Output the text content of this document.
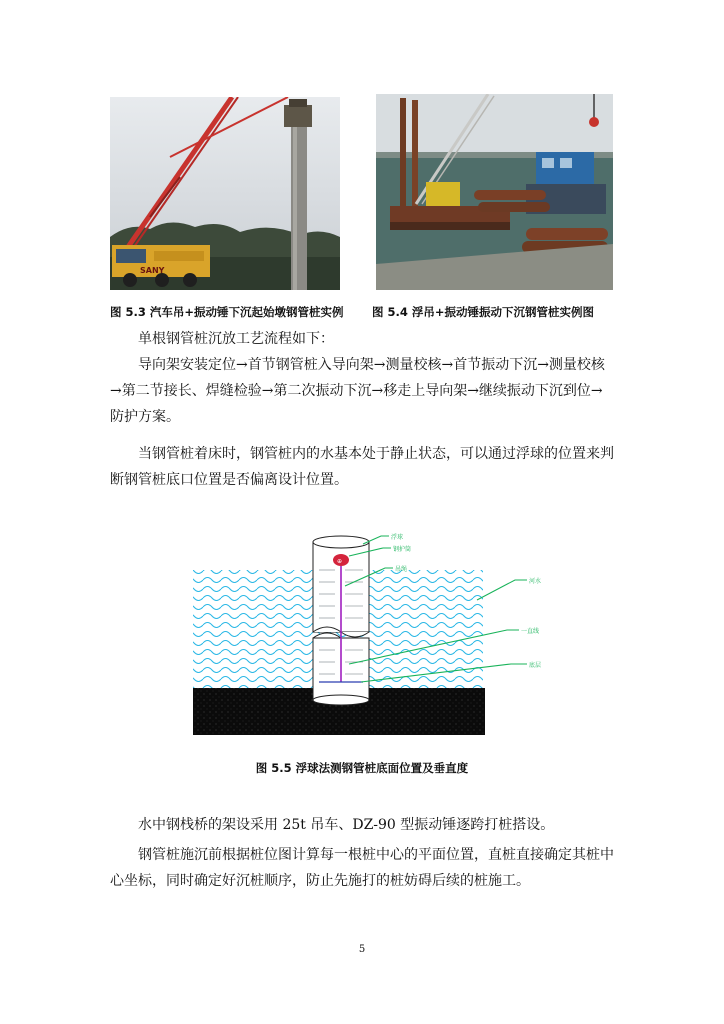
SANY
图 5.3 汽车吊+振动锤下沉起始墩钢管桩实例 图 5.4 浮吊+振动锤振动下沉钢管桩实例图

单根钢管桩沉放工艺流程如下：

导向架安装定位→首节钢管桩入导向架→测量校核→首节振动下沉→测量校核→第二节接长、焊缝检验→第二次振动下沉→移走上导向架→继续振动下沉到位→防护方案。

当钢管桩着床时，钢管桩内的水基本处于静止状态，可以通过浮球的位置来判断钢管桩底口位置是否偏离设计位置。

⊕
浮球
钢护筒
吊绳
河水
一直线
底层
图 5.5 浮球法测钢管桩底面位置及垂直度

水中钢栈桥的架设采用 25t 吊车、DZ-90 型振动锤逐跨打桩搭设。

钢管桩施沉前根据桩位图计算每一根桩中心的平面位置，直桩直接确定其桩中心坐标，同时确定好沉桩顺序，防止先施打的桩妨碍后续的桩施工。

5
